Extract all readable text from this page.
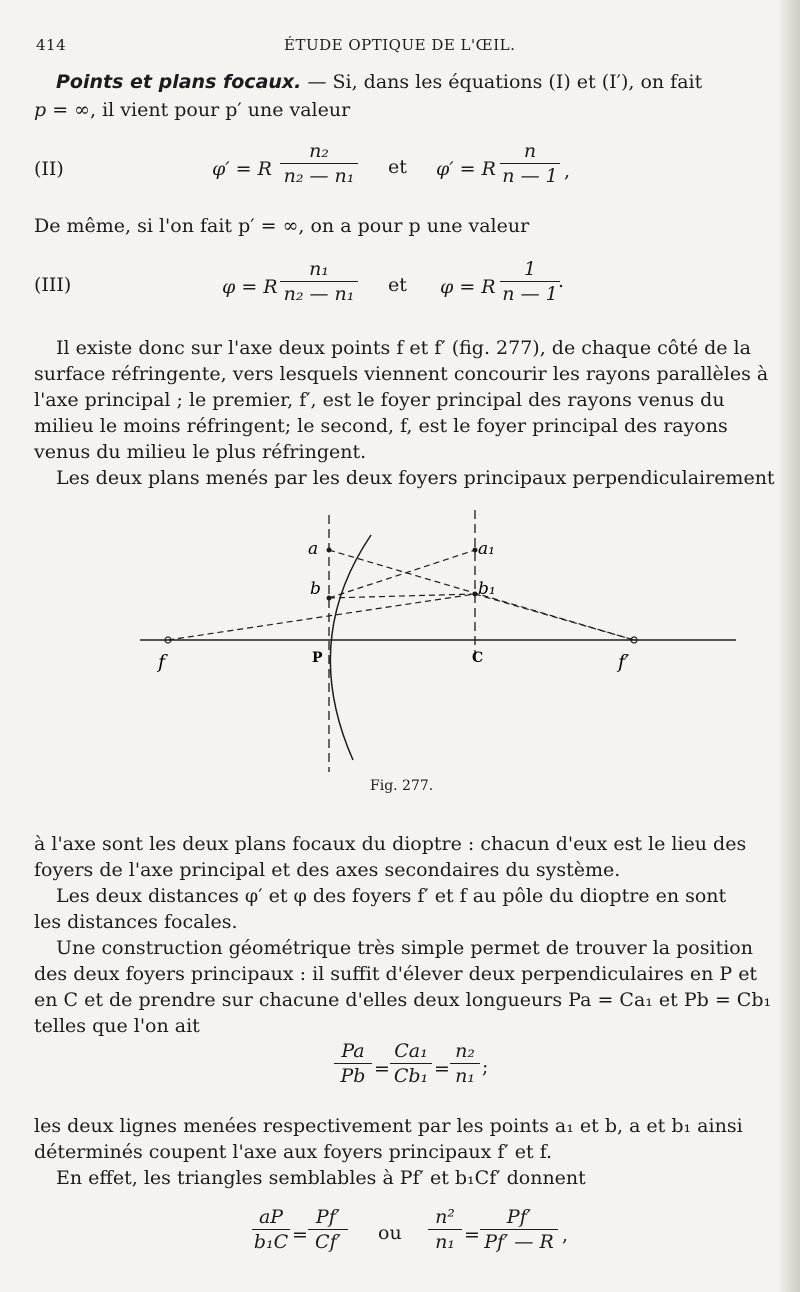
414	ÉTUDE OPTIQUE DE L'ŒIL.
Points et plans focaux. — Si, dans les équations (I) et (I′), on fait
p = ∞, il vient pour p′ une valeur
(II)	φ′ = R
n₂
n₂ — n₁ et φ′ = R
n
n — 1 ,
De même, si l'on fait p′ = ∞, on a pour p une valeur
(III)	φ = R
n₁
n₂ — n₁ et φ = R
1
n — 1
.
Il existe donc sur l'axe deux points f et f′ (fig. 277), de chaque côté de la
surface réfringente, vers lesquels viennent concourir les rayons parallèles à
l'axe principal ; le premier, f′, est le foyer principal des rayons venus du
milieu le moins réfringent; le second, f, est le foyer principal des rayons
venus du milieu le plus réfringent.
Les deux plans menés par les deux foyers principaux perpendiculairement
a
b
a₁
b₁
f	f′
P	C
Fig. 277.
à l'axe sont les deux plans focaux du dioptre : chacun d'eux est le lieu des
foyers de l'axe principal et des axes secondaires du système.
Les deux distances φ′ et φ des foyers f′ et f au pôle du dioptre en sont
les distances focales.
Une construction géométrique très simple permet de trouver la position
des deux foyers principaux : il suffit d'élever deux perpendiculaires en P et
en C et de prendre sur chacune d'elles deux longueurs Pa = Ca₁ et Pb = Cb₁
telles que l'on ait
Pa
Pb =
Ca₁
Cb₁ =
n₂
n₁ ;
les deux lignes menées respectivement par les points a₁ et b, a et b₁ ainsi
déterminés coupent l'axe aux foyers principaux f′ et f.
En effet, les triangles semblables à Pf′ et b₁Cf′ donnent
aP
b₁C =
Pf′
Cf′	ou
n²
n₁ =
Pf′
Pf′ — R ,
